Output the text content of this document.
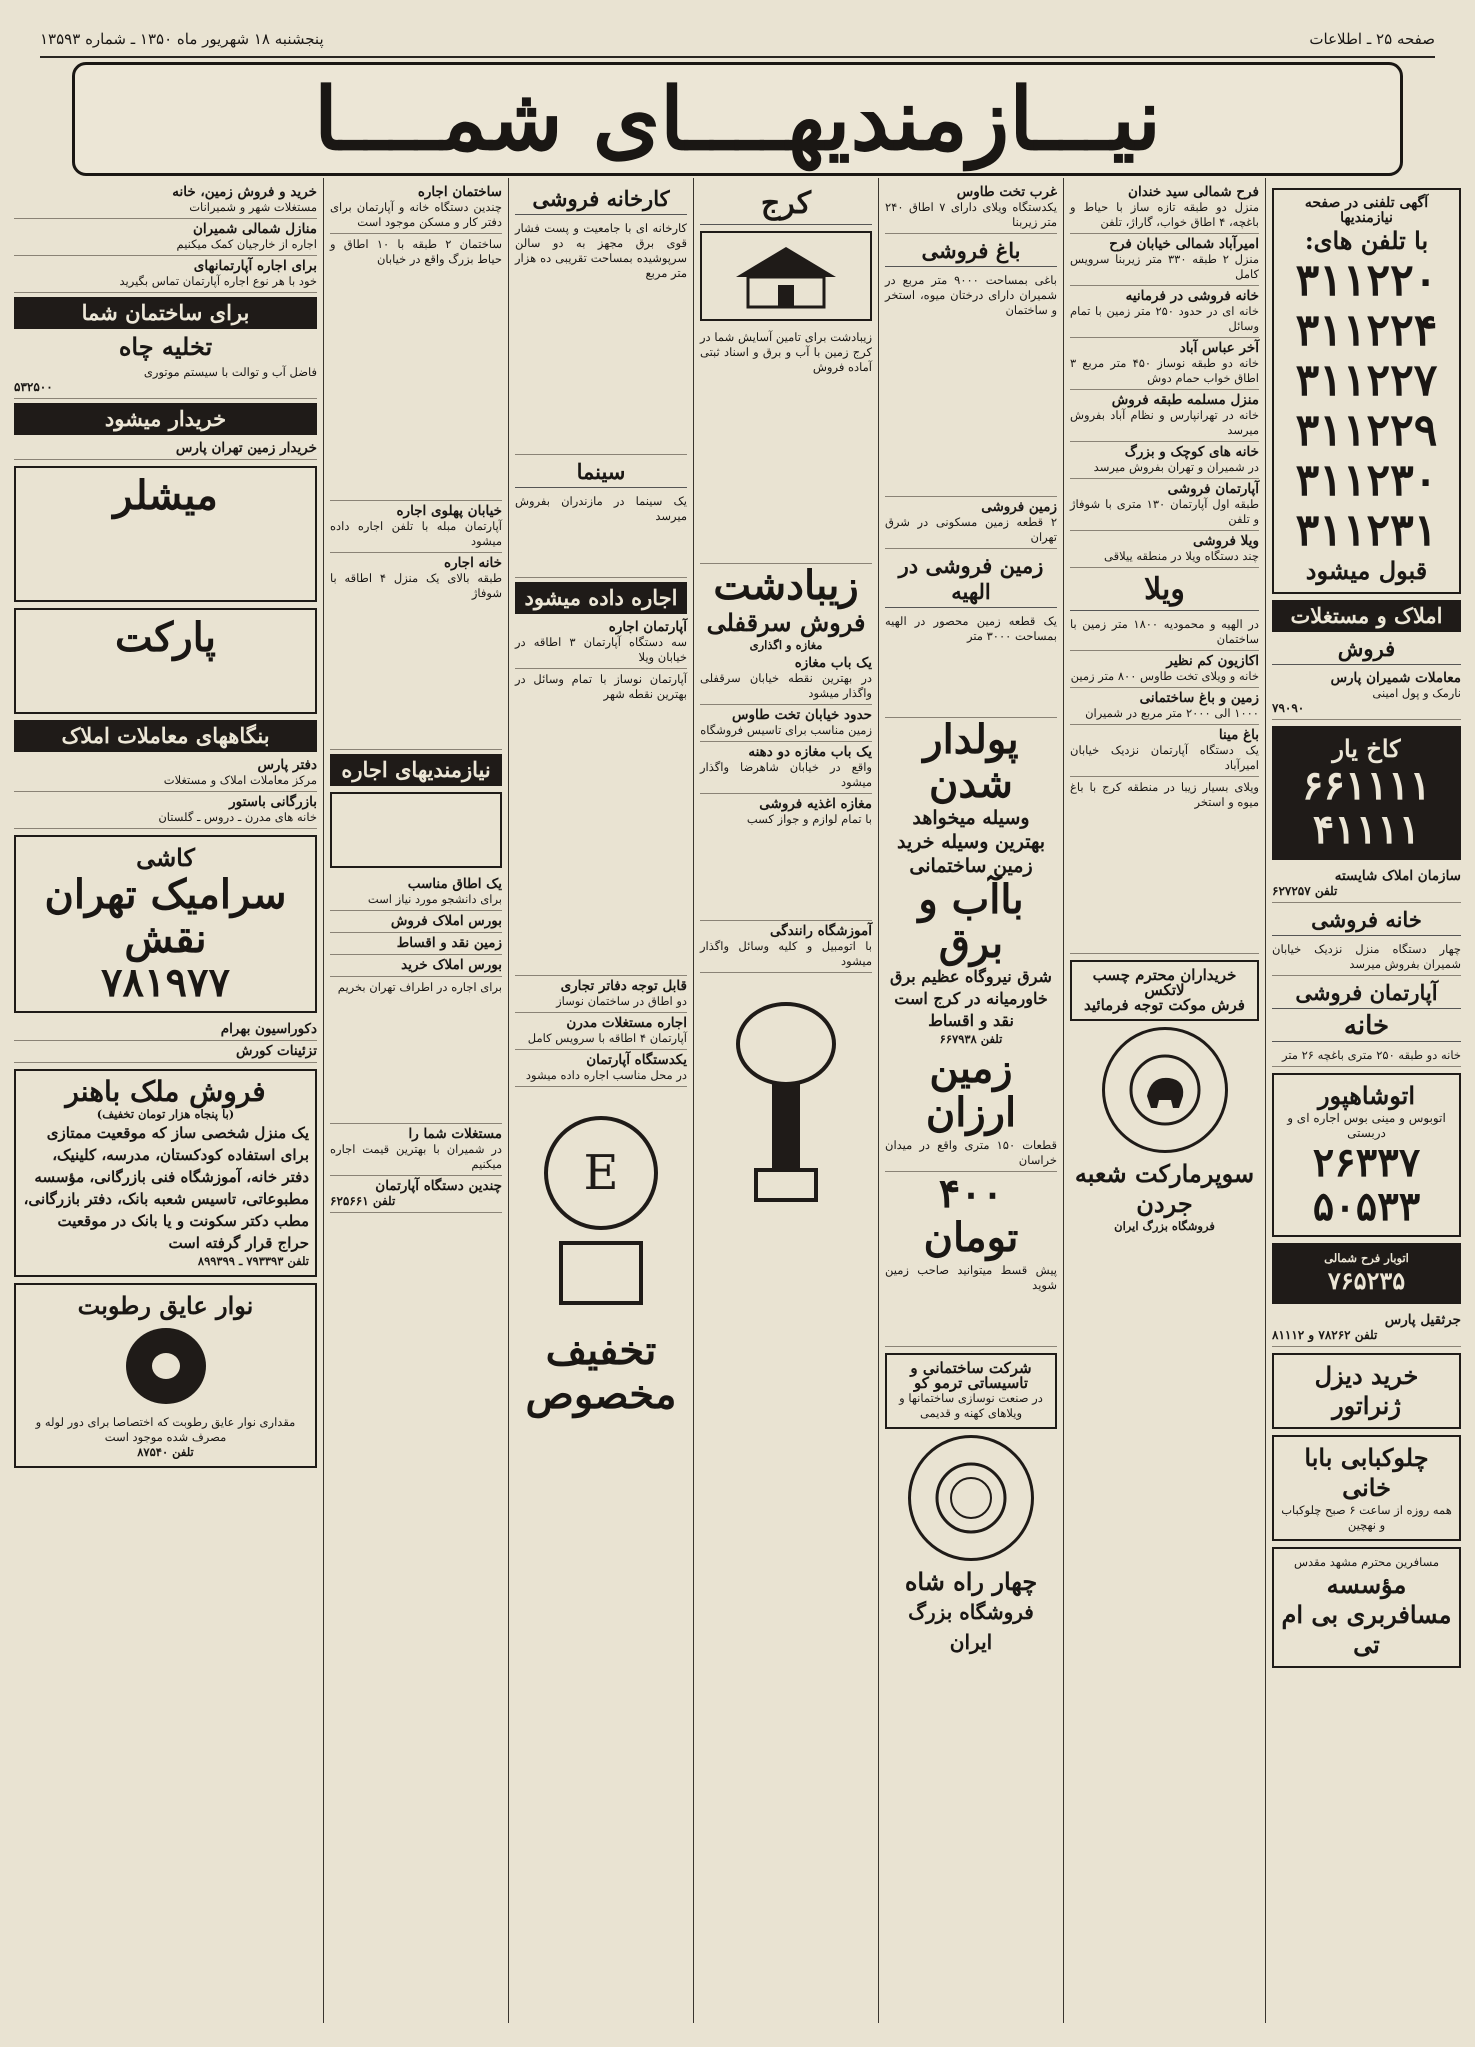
صفحه ۲۵ ـ اطلاعات
پنجشنبه ۱۸ شهریور ماه ۱۳۵۰ ـ شماره ۱۳۵۹۳
نیـــازمندیهــــای شمــــا
آگهی تلفنی در صفحه نیازمندیها
با تلفن های:
۳۱۱۲۲۰
۳۱۱۲۲۴
۳۱۱۲۲۷
۳۱۱۲۲۹
۳۱۱۲۳۰
۳۱۱۲۳۱
قبول میشود
املاک و مستغلات
فروش
معاملات شمیران پارس
نارمک و پول امینی
۷۹۰۹۰
کاخ یار
۶۶۱۱۱۱
۴۱۱۱۱
سازمان املاک شایسته
تلفن ۶۲۷۲۵۷
خانه فروشی
چهار دستگاه منزل نزدیک خیابان شمیران بفروش میرسد
آپارتمان فروشی
خانه
خانه دو طبقه ۲۵۰ متری باغچه ۲۶ متر
اتوشاهپور
اتوبوس و مینی بوس اجاره ای و دربستی
۲۶۳۳۷
۵۰۵۳۳
اتوبار فرح شمالی
۷۶۵۲۳۵
جرثقیل پارس
تلفن ۷۸۲۶۲ و ۸۱۱۱۲
خرید دیزل ژنراتور
چلوکبابی بابا خانی
همه روزه از ساعت ۶ صبح چلوکباب و نهچین
مسافرین محترم مشهد مقدس
مؤسسه مسافربری بی ام تی
فرح شمالی سید خندان
منزل دو طبقه تازه ساز با حیاط و باغچه، ۴ اطاق خواب، گاراژ، تلفن
امیرآباد شمالی خیابان فرح
منزل ۲ طبقه ۳۳۰ متر زیربنا سرویس کامل
خانه فروشی در فرمانیه
خانه ای در حدود ۲۵۰ متر زمین با تمام وسائل
آخر عباس آباد
خانه دو طبقه نوساز ۴۵۰ متر مربع ۳ اطاق خواب حمام دوش
منزل مسلمه طبقه فروش
خانه در تهرانپارس و نظام آباد بفروش میرسد
خانه های کوچک و بزرگ
در شمیران و تهران بفروش میرسد
آپارتمان فروشی
طبقه اول آپارتمان ۱۳۰ متری با شوفاژ و تلفن
ویلا فروشی
چند دستگاه ویلا در منطقه ییلاقی
ویلا
در الهیه و محمودیه ۱۸۰۰ متر زمین با ساختمان
اکازیون کم نظیر
خانه و ویلای تخت طاوس ۸۰۰ متر زمین
زمین و باغ ساختمانی
۱۰۰۰ الی ۲۰۰۰ متر مربع در شمیران
باغ مینا
یک دستگاه آپارتمان نزدیک خیابان امیرآباد
ویلای بسیار زیبا در منطقه کرج با باغ میوه و استخر
خریداران محترم چسب لاتکس
فرش موکت توجه فرمائید
سوپرمارکت شعبه جردن
فروشگاه بزرگ ایران
غرب تخت طاوس
یکدستگاه ویلای دارای ۷ اطاق ۲۴۰ متر زیربنا
باغ فروشی
باغی بمساحت ۹۰۰۰ متر مربع در شمیران دارای درختان میوه، استخر و ساختمان
زمین فروشی
۲ قطعه زمین مسکونی در شرق تهران
زمین فروشی در الهیه
یک قطعه زمین محصور در الهیه بمساحت ۳۰۰۰ متر
پولدار شدن
وسیله میخواهد بهترین وسیله خرید زمین ساختمانی
باآب و برق
شرق نیروگاه عظیم برق خاورمیانه در کرج است نقد و اقساط
تلفن ۶۶۷۹۳۸
زمین ارزان
قطعات ۱۵۰ متری واقع در میدان خراسان
۴۰۰ تومان
پیش قسط میتوانید صاحب زمین شوید
شرکت ساختمانی و تاسیساتی ترمو کو
در صنعت نوسازی ساختمانها و ویلاهای کهنه و قدیمی
چهار راه شاه
فروشگاه بزرگ ایران
کرج
زیبادشت برای تامین آسایش شما در کرج زمین با آب و برق و اسناد ثبتی آماده فروش
زیبادشت
فروش سرقفلی
مغازه و اگذاری
یک باب مغازه
در بهترین نقطه خیابان سرقفلی واگذار میشود
حدود خیابان تخت طاوس
زمین مناسب برای تاسیس فروشگاه
یک باب مغازه دو دهنه
واقع در خیابان شاهرضا واگذار میشود
مغازه اغذیه فروشی
با تمام لوازم و جواز کسب
آموزشگاه رانندگی
با اتومبیل و کلیه وسائل واگذار میشود
کارخانه فروشی
کارخانه ای با جامعیت و پست فشار قوی برق مجهز به دو سالن سرپوشیده بمساحت تقریبی ده هزار متر مربع
سینما
یک سینما در مازندران بفروش میرسد
اجاره داده میشود
آپارتمان اجاره
سه دستگاه آپارتمان ۳ اطاقه در خیابان ویلا
آپارتمان نوساز با تمام وسائل در بهترین نقطه شهر
قابل توجه دفاتر تجاری
دو اطاق در ساختمان نوساز
اجاره مستغلات مدرن
آپارتمان ۴ اطاقه با سرویس کامل
یکدستگاه آپارتمان
در محل مناسب اجاره داده میشود
E
تخفیف
مخصوص
ساختمان اجاره
چندین دستگاه خانه و آپارتمان برای دفتر کار و مسکن موجود است
ساختمان ۲ طبقه با ۱۰ اطاق و حیاط بزرگ واقع در خیابان
خیابان پهلوی اجاره
آپارتمان مبله با تلفن اجاره داده میشود
خانه اجاره
طبقه بالای یک منزل ۴ اطاقه با شوفاژ
نیازمندیهای اجاره
یک اطاق مناسب
برای دانشجو مورد نیاز است
بورس املاک فروش
زمین نقد و اقساط
بورس املاک خرید
برای اجاره در اطراف تهران بخریم
مستغلات شما را
در شمیران با بهترین قیمت اجاره میکنیم
چندین دستگاه آپارتمان
تلفن ۶۲۵۶۶۱
خرید و فروش زمین، خانه
مستغلات شهر و شمیرانات
منازل شمالی شمیران
اجاره از خارجیان کمک میکنیم
برای اجاره آپارتمانهای
خود با هر نوع اجاره آپارتمان تماس بگیرید
برای ساختمان شما
تخلیه چاه
فاضل آب و توالت با سیستم موتوری
۵۳۲۵۰۰
خریدار میشود
خریدار زمین تهران پارس
میشلر
پارکت
بنگاههای معاملات املاک
دفتر پارس
مرکز معاملات املاک و مستغلات
بازرگانی باستور
خانه های مدرن ـ دروس ـ گلستان
کاشی
سرامیک تهران نقش
۷۸۱۹۷۷
دکوراسیون بهرام
تزئینات کورش
فروش ملک باهنر
(با پنجاه هزار تومان تخفیف)
یک منزل شخصی ساز که موقعیت ممتازی برای استفاده کودکستان، مدرسه، کلینیک، دفتر خانه، آموزشگاه فنی بازرگانی، مؤسسه مطبوعاتی، تاسیس شعبه بانک، دفتر بازرگانی، مطب دکتر سکونت و یا بانک در موقعیت حراج قرار گرفته است
تلفن ۷۹۳۳۹۳ ـ ۸۹۹۳۹۹
نوار عایق رطوبت
مقداری نوار عایق رطوبت که اختصاصا برای دور لوله و مصرف شده موجود است
تلفن ۸۷۵۴۰
